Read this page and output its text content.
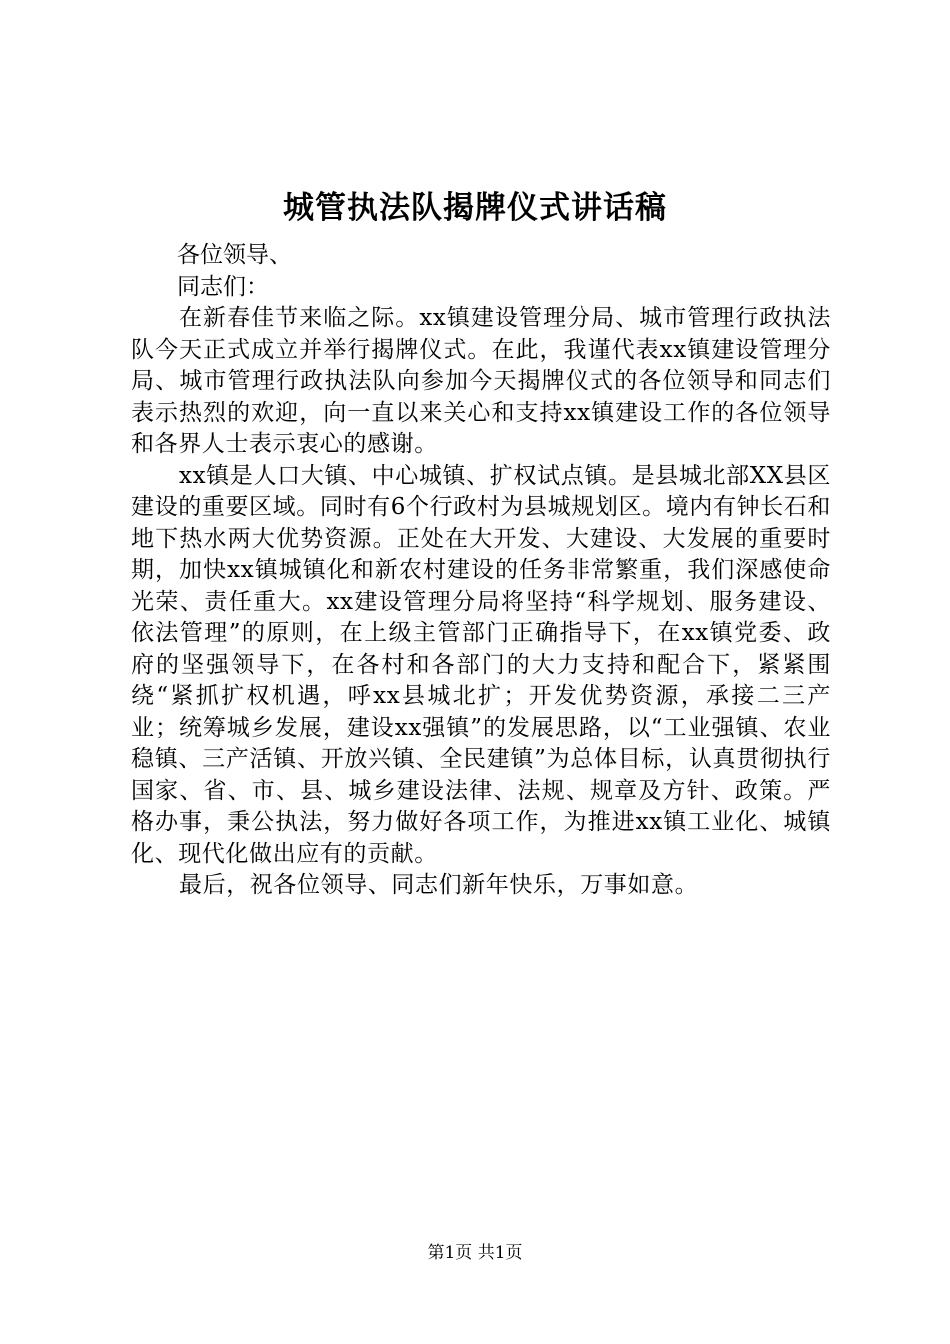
城管执法队揭牌仪式讲话稿

各位领导、

同志们：

在新春佳节来临之际。xx镇建设管理分局、城市管理行政执法队今天正式成立并举行揭牌仪式。在此，我谨代表xx镇建设管理分局、城市管理行政执法队向参加今天揭牌仪式的各位领导和同志们表示热烈的欢迎，向一直以来关心和支持xx镇建设工作的各位领导和各界人士表示衷心的感谢。

xx镇是人口大镇、中心城镇、扩权试点镇。是县城北部XX县区建设的重要区域。同时有6个行政村为县城规划区。境内有钟长石和地下热水两大优势资源。正处在大开发、大建设、大发展的重要时期，加快xx镇城镇化和新农村建设的任务非常繁重，我们深感使命光荣、责任重大。xx建设管理分局将坚持“科学规划、服务建设、依法管理”的原则，在上级主管部门正确指导下，在xx镇党委、政府的坚强领导下，在各村和各部门的大力支持和配合下，紧紧围绕“紧抓扩权机遇，呼xx县城北扩；开发优势资源，承接二三产业；统筹城乡发展，建设xx强镇”的发展思路，以“工业强镇、农业稳镇、三产活镇、开放兴镇、全民建镇”为总体目标，认真贯彻执行国家、省、市、县、城乡建设法律、法规、规章及方针、政策。严格办事，秉公执法，努力做好各项工作，为推进xx镇工业化、城镇化、现代化做出应有的贡献。

最后，祝各位领导、同志们新年快乐，万事如意。

第1页 共1页
